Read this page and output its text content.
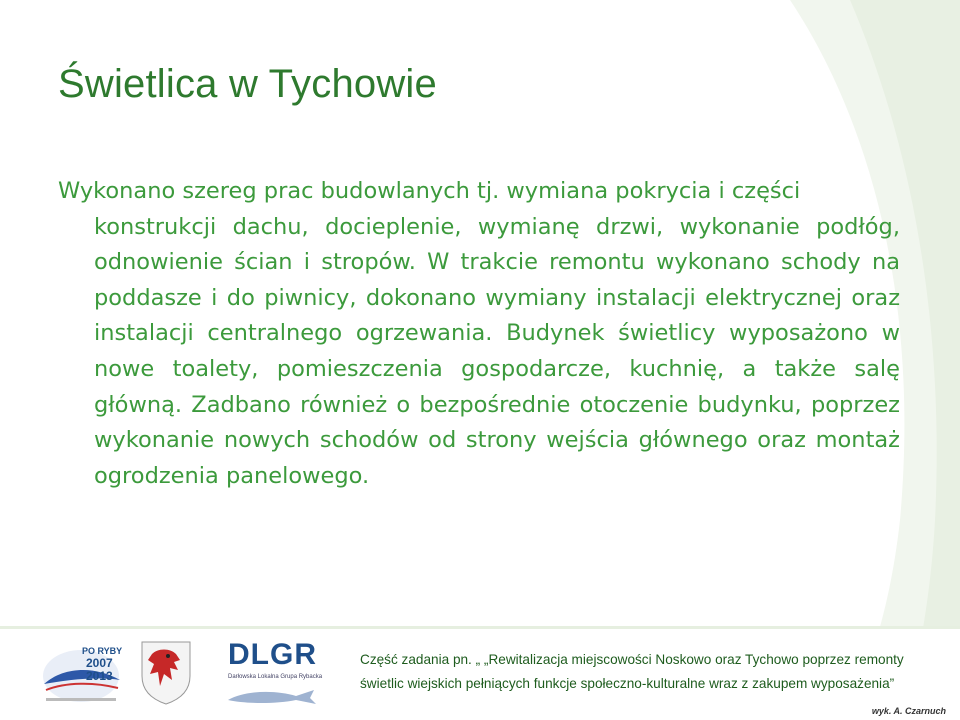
Świetlica w Tychowie

Wykonano szereg prac budowlanych tj. wymiana pokrycia i części
konstrukcji dachu, docieplenie, wymianę drzwi, wykonanie podłóg, odnowienie ścian i stropów. W trakcie remontu wykonano schody na poddasze i do piwnicy, dokonano wymiany instalacji elektrycznej oraz instalacji centralnego ogrzewania. Budynek świetlicy wyposażono w nowe toalety, pomieszczenia gospodarcze, kuchnię, a także salę główną. Zadbano również o bezpośrednie otoczenie budynku, poprzez wykonanie nowych schodów od strony wejścia głównego oraz montaż ogrodzenia panelowego.

PO RYBY
2007
2013
DLGR
Darłowska Lokalna Grupa Rybacka

Część zadania pn. „ „Rewitalizacja miejscowości Noskowo oraz Tychowo poprzez remonty
świetlic wiejskich pełniących funkcje społeczno-kulturalne wraz z zakupem wyposażenia”

wyk. A. Czarnuch
